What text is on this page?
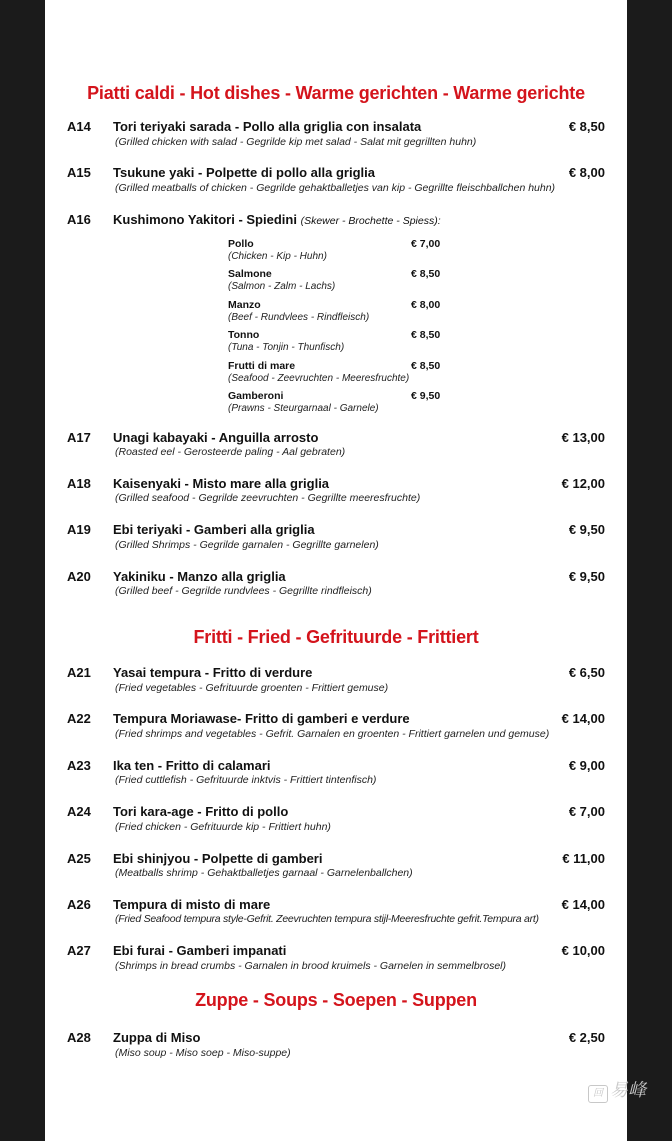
Piatti caldi - Hot dishes - Warme gerichten - Warme gerichte
A14 Tori teriyaki sarada - Pollo alla griglia con insalata	€ 8,50
(Grilled chicken with salad - Gegrilde kip met salad - Salat mit gegrillten huhn)
A15 Tsukune yaki - Polpette di pollo alla griglia	€ 8,00
(Grilled meatballs of chicken - Gegrilde gehaktballetjes van kip - Gegrillte fleischballchen huhn)
A16 Kushimono Yakitori - Spiedini (Skewer - Brochette - Spiess):
Pollo	€ 7,00
(Chicken - Kip - Huhn)
Salmone	€ 8,50
(Salmon - Zalm - Lachs)
Manzo	€ 8,00
(Beef - Rundvlees - Rindfleisch)
Tonno	€ 8,50
(Tuna - Tonjin - Thunfisch)
Frutti di mare	€ 8,50
(Seafood - Zeevruchten - Meeresfruchte)
Gamberoni	€ 9,50
(Prawns - Steurgarnaal - Garnele)
A17 Unagi kabayaki - Anguilla arrosto	€ 13,00
(Roasted eel - Gerosteerde paling - Aal gebraten)
A18 Kaisenyaki - Misto mare alla griglia	€ 12,00
(Grilled seafood - Gegrilde zeevruchten - Gegrillte meeresfruchte)
A19 Ebi teriyaki - Gamberi alla griglia	€ 9,50
(Grilled Shrimps - Gegrilde garnalen - Gegrillte garnelen)
A20 Yakiniku - Manzo alla griglia	€ 9,50
(Grilled beef - Gegrilde rundvlees - Gegrillte rindfleisch)
Fritti - Fried - Gefrituurde - Frittiert
A21 Yasai tempura - Fritto di verdure	€ 6,50
(Fried vegetables - Gefrituurde groenten - Frittiert gemuse)
A22 Tempura Moriawase- Fritto di gamberi e verdure	€ 14,00
(Fried shrimps and vegetables - Gefrit. Garnalen en groenten - Frittiert garnelen und gemuse)
A23 Ika ten - Fritto di calamari	€ 9,00
(Fried cuttlefish - Gefrituurde inktvis - Frittiert tintenfisch)
A24 Tori kara-age - Fritto di pollo	€ 7,00
(Fried chicken - Gefrituurde kip - Frittiert huhn)
A25 Ebi shinjyou - Polpette di gamberi	€ 11,00
(Meatballs shrimp - Gehaktballetjes garnaal - Garnelenballchen)
A26 Tempura di misto di mare	€ 14,00
(Fried Seafood tempura style-Gefrit. Zeevruchten tempura stijl-Meeresfruchte gefrit.Tempura art)
A27 Ebi furai - Gamberi impanati	€ 10,00
(Shrimps in bread crumbs - Garnalen in brood kruimels - Garnelen in semmelbrosel)
Zuppe - Soups - Soepen - Suppen
A28 Zuppa di Miso	€ 2,50
(Miso soup - Miso soep - Miso-suppe)
回 易峰
